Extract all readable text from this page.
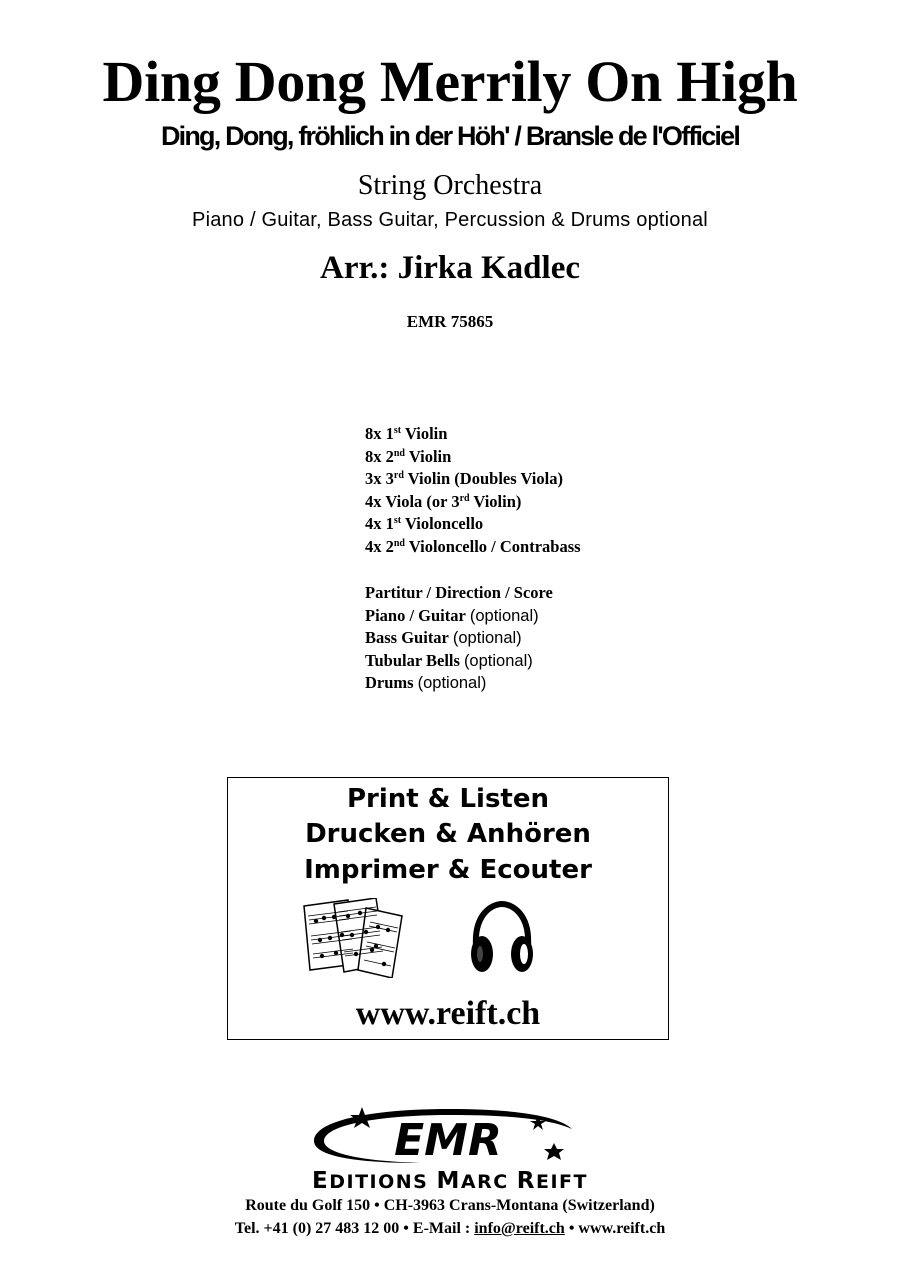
Ding Dong Merrily On High
Ding, Dong, fröhlich in der Höh' / Bransle de l'Officiel
String Orchestra
Piano / Guitar, Bass Guitar, Percussion & Drums optional
Arr.: Jirka Kadlec
EMR 75865
8x 1st Violin
8x 2nd Violin
3x 3rd Violin (Doubles Viola)
4x Viola (or 3rd Violin)
4x 1st Violoncello
4x 2nd Violoncello / Contrabass
Partitur / Direction / Score
Piano / Guitar (optional)
Bass Guitar (optional)
Tubular Bells (optional)
Drums (optional)
Print & Listen
Drucken & Anhören
Imprimer & Ecouter
www.reift.ch
EMR
EDITIONS MARC REIFT
Route du Golf 150 • CH-3963 Crans-Montana (Switzerland)
Tel. +41 (0) 27 483 12 00 • E-Mail : info@reift.ch • www.reift.ch
